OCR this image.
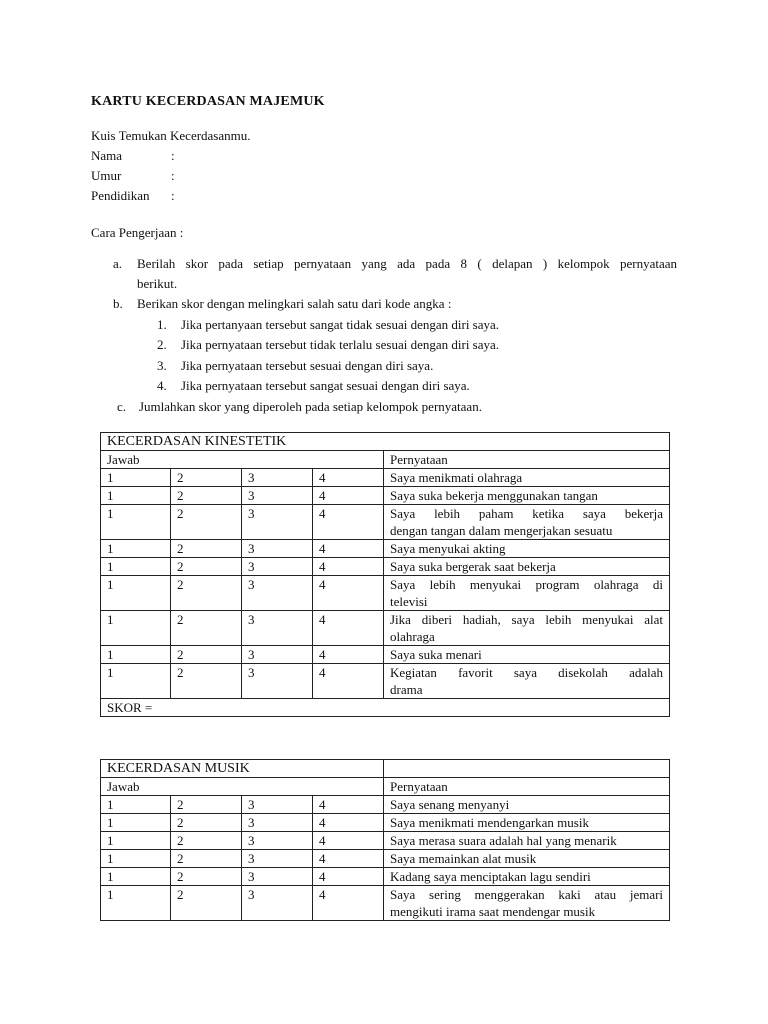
KARTU KECERDASAN MAJEMUK
Kuis Temukan Kecerdasanmu.
Nama	:
Umur	:
Pendidikan :
Cara Pengerjaan :
a. Berilah skor pada setiap pernyataan yang ada pada 8 ( delapan ) kelompok pernyataan
berikut.
b. Berikan skor dengan melingkari salah satu dari kode angka :
1. Jika pertanyaan tersebut sangat tidak sesuai dengan diri saya.
2. Jika pernyataan tersebut tidak terlalu sesuai dengan diri saya.
3. Jika pernyataan tersebut sesuai dengan diri saya.
4. Jika pernyataan tersebut sangat sesuai dengan diri saya.
c. Jumlahkan skor yang diperoleh pada setiap kelompok pernyataan.
KECERDASAN KINESTETIK				
Jawab				Pernyataan
1	2	3	4	Saya menikmati olahraga
1	2	3	4	Saya suka bekerja menggunakan tangan
1	2	3	4	Saya lebih paham ketika saya bekerja
dengan tangan dalam mengerjakan sesuatu

1	2	3	4	Saya menyukai akting
1	2	3	4	Saya suka bergerak saat bekerja
1	2	3	4	Saya lebih menyukai program olahraga di
televisi

1	2	3	4	Jika diberi hadiah, saya lebih menyukai alat
olahraga

1	2	3	4	Saya suka menari
1	2	3	4	Kegiatan favorit saya disekolah adalah
drama

SKOR =				
KECERDASAN MUSIK				
Jawab				Pernyataan
1	2	3	4	Saya senang menyanyi
1	2	3	4	Saya menikmati mendengarkan musik
1	2	3	4	Saya merasa suara adalah hal yang menarik
1	2	3	4	Saya memainkan alat musik
1	2	3	4	Kadang saya menciptakan lagu sendiri
1	2	3	4	Saya sering menggerakan kaki atau jemari
mengikuti irama saat mendengar musik
